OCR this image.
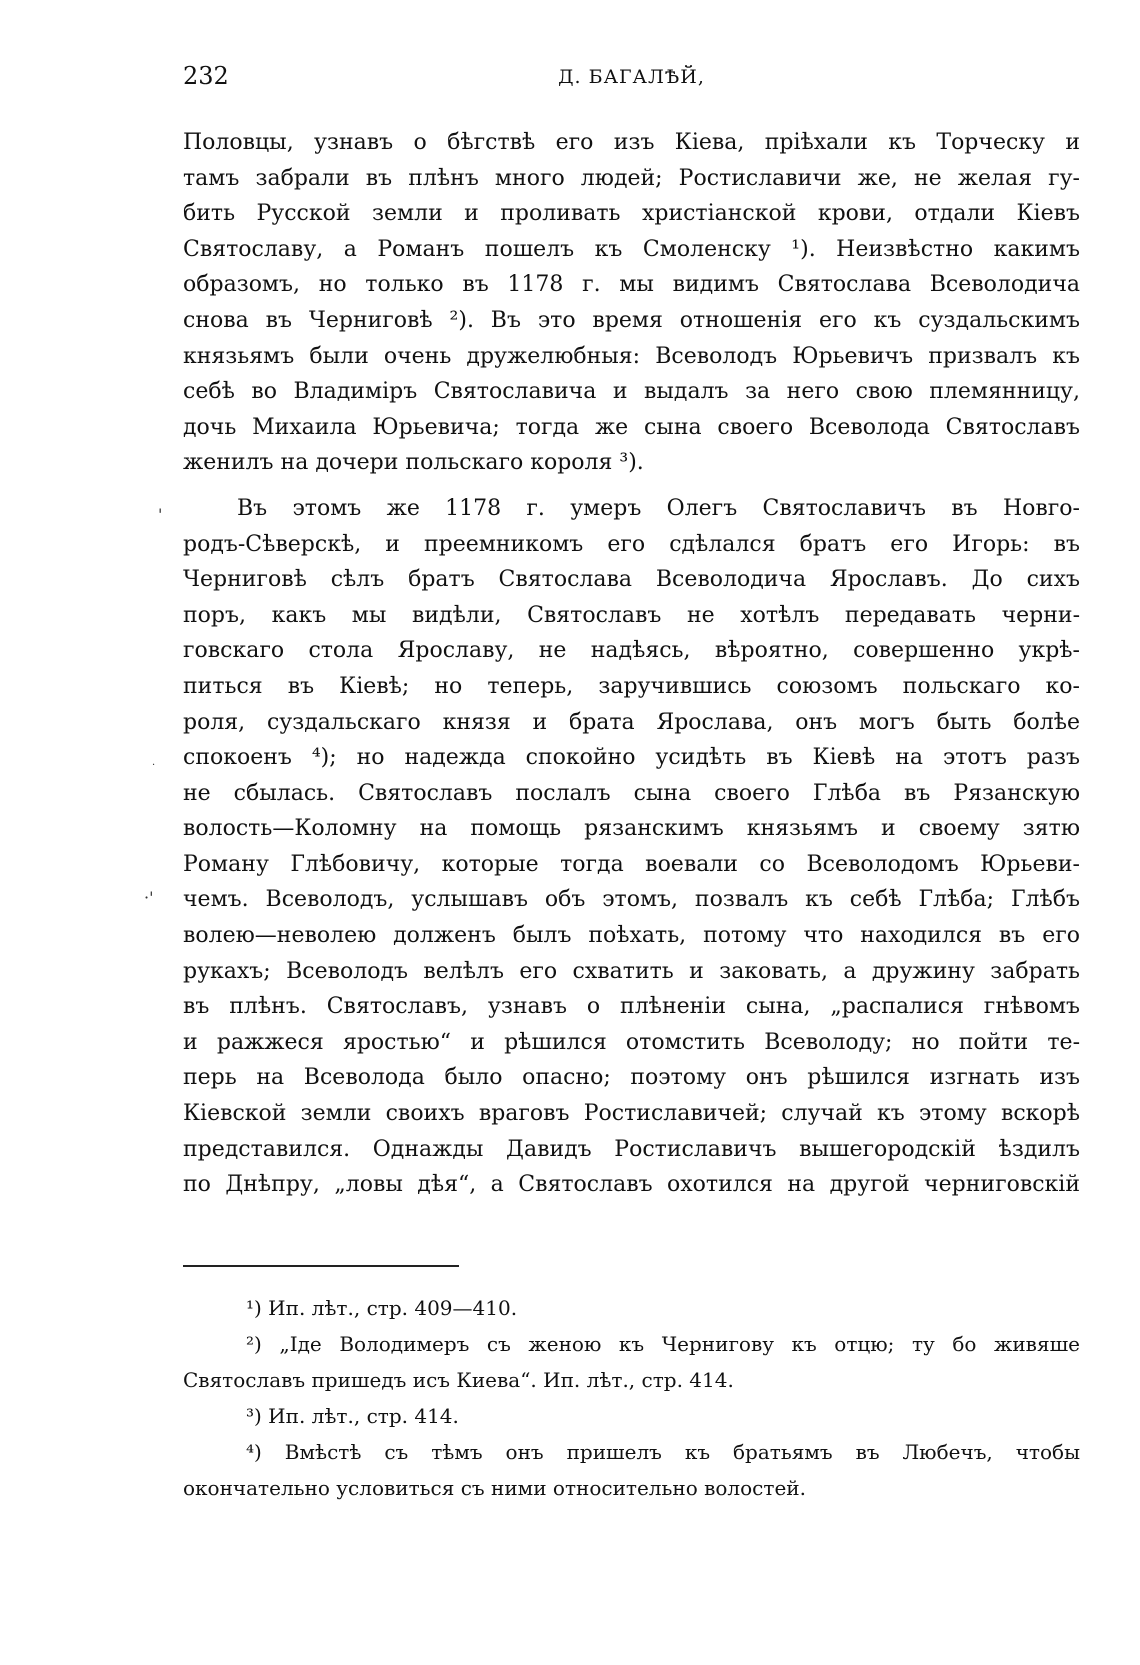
232	Д. БАГАЛѢЙ,
Половцы, узнавъ о бѣгствѣ его изъ Кіева, пріѣхали къ Торческу и
тамъ забрали въ плѣнъ много людей; Ростиславичи же, не желая гу-
бить Русской земли и проливать христіанской крови, отдали Кіевъ
Святославу, а Романъ пошелъ къ Смоленску ¹). Неизвѣстно какимъ
образомъ, но только въ 1178 г. мы видимъ Святослава Всеволодича
снова въ Черниговѣ ²). Въ это время отношенія его къ суздальскимъ
князьямъ были очень дружелюбныя: Всеволодъ Юрьевичъ призвалъ къ
себѣ во Владиміръ Святославича и выдалъ за него свою племянницу,
дочь Михаила Юрьевича; тогда же сына своего Всеволода Святославъ
женилъ на дочери польскаго короля ³).
Въ этомъ же 1178 г. умеръ Олегъ Святославичъ въ Новго-
родъ-Сѣверскѣ, и преемникомъ его сдѣлался братъ его Игорь: въ
Черниговѣ сѣлъ братъ Святослава Всеволодича Ярославъ. До сихъ
поръ, какъ мы видѣли, Святославъ не хотѣлъ передавать черни-
говскаго стола Ярославу, не надѣясь, вѣроятно, совершенно укрѣ-
питься въ Кіевѣ; но теперь, заручившись союзомъ польскаго ко-
роля, суздальскаго князя и брата Ярослава, онъ могъ быть болѣе
спокоенъ ⁴); но надежда спокойно усидѣть въ Кіевѣ на этотъ разъ
не сбылась. Святославъ послалъ сына своего Глѣба въ Рязанскую
волость—Коломну на помощь рязанскимъ князьямъ и своему зятю
Роману Глѣбовичу, которые тогда воевали со Всеволодомъ Юрьеви-
чемъ. Всеволодъ, услышавъ объ этомъ, позвалъ къ себѣ Глѣба; Глѣбъ
волею—неволею долженъ былъ поѣхать, потому что находился въ его
рукахъ; Всеволодъ велѣлъ его схватить и заковать, а дружину забрать
въ плѣнъ. Святославъ, узнавъ о плѣненіи сына, „распалися гнѣвомъ
и ражжеся яростью“ и рѣшился отомстить Всеволоду; но пойти те-
перь на Всеволода было опасно; поэтому онъ рѣшился изгнать изъ
Кіевской земли своихъ враговъ Ростиславичей; случай къ этому вскорѣ
представился. Однажды Давидъ Ростиславичъ вышегородскій ѣздилъ
по Днѣпру, „ловы дѣя“, а Святославъ охотился на другой черниговскій
¹) Ип. лѣт., стр. 409—410.
²) „Іде Володимеръ съ женою къ Чернигову къ отцю; ту бо живяше
Святославъ пришедъ исъ Киева“. Ип. лѣт., стр. 414.
³) Ип. лѣт., стр. 414.
⁴) Вмѣстѣ съ тѣмъ онъ пришелъ къ братьямъ въ Любечъ, чтобы
окончательно условиться съ ними относительно волостей.
'
·'
·
